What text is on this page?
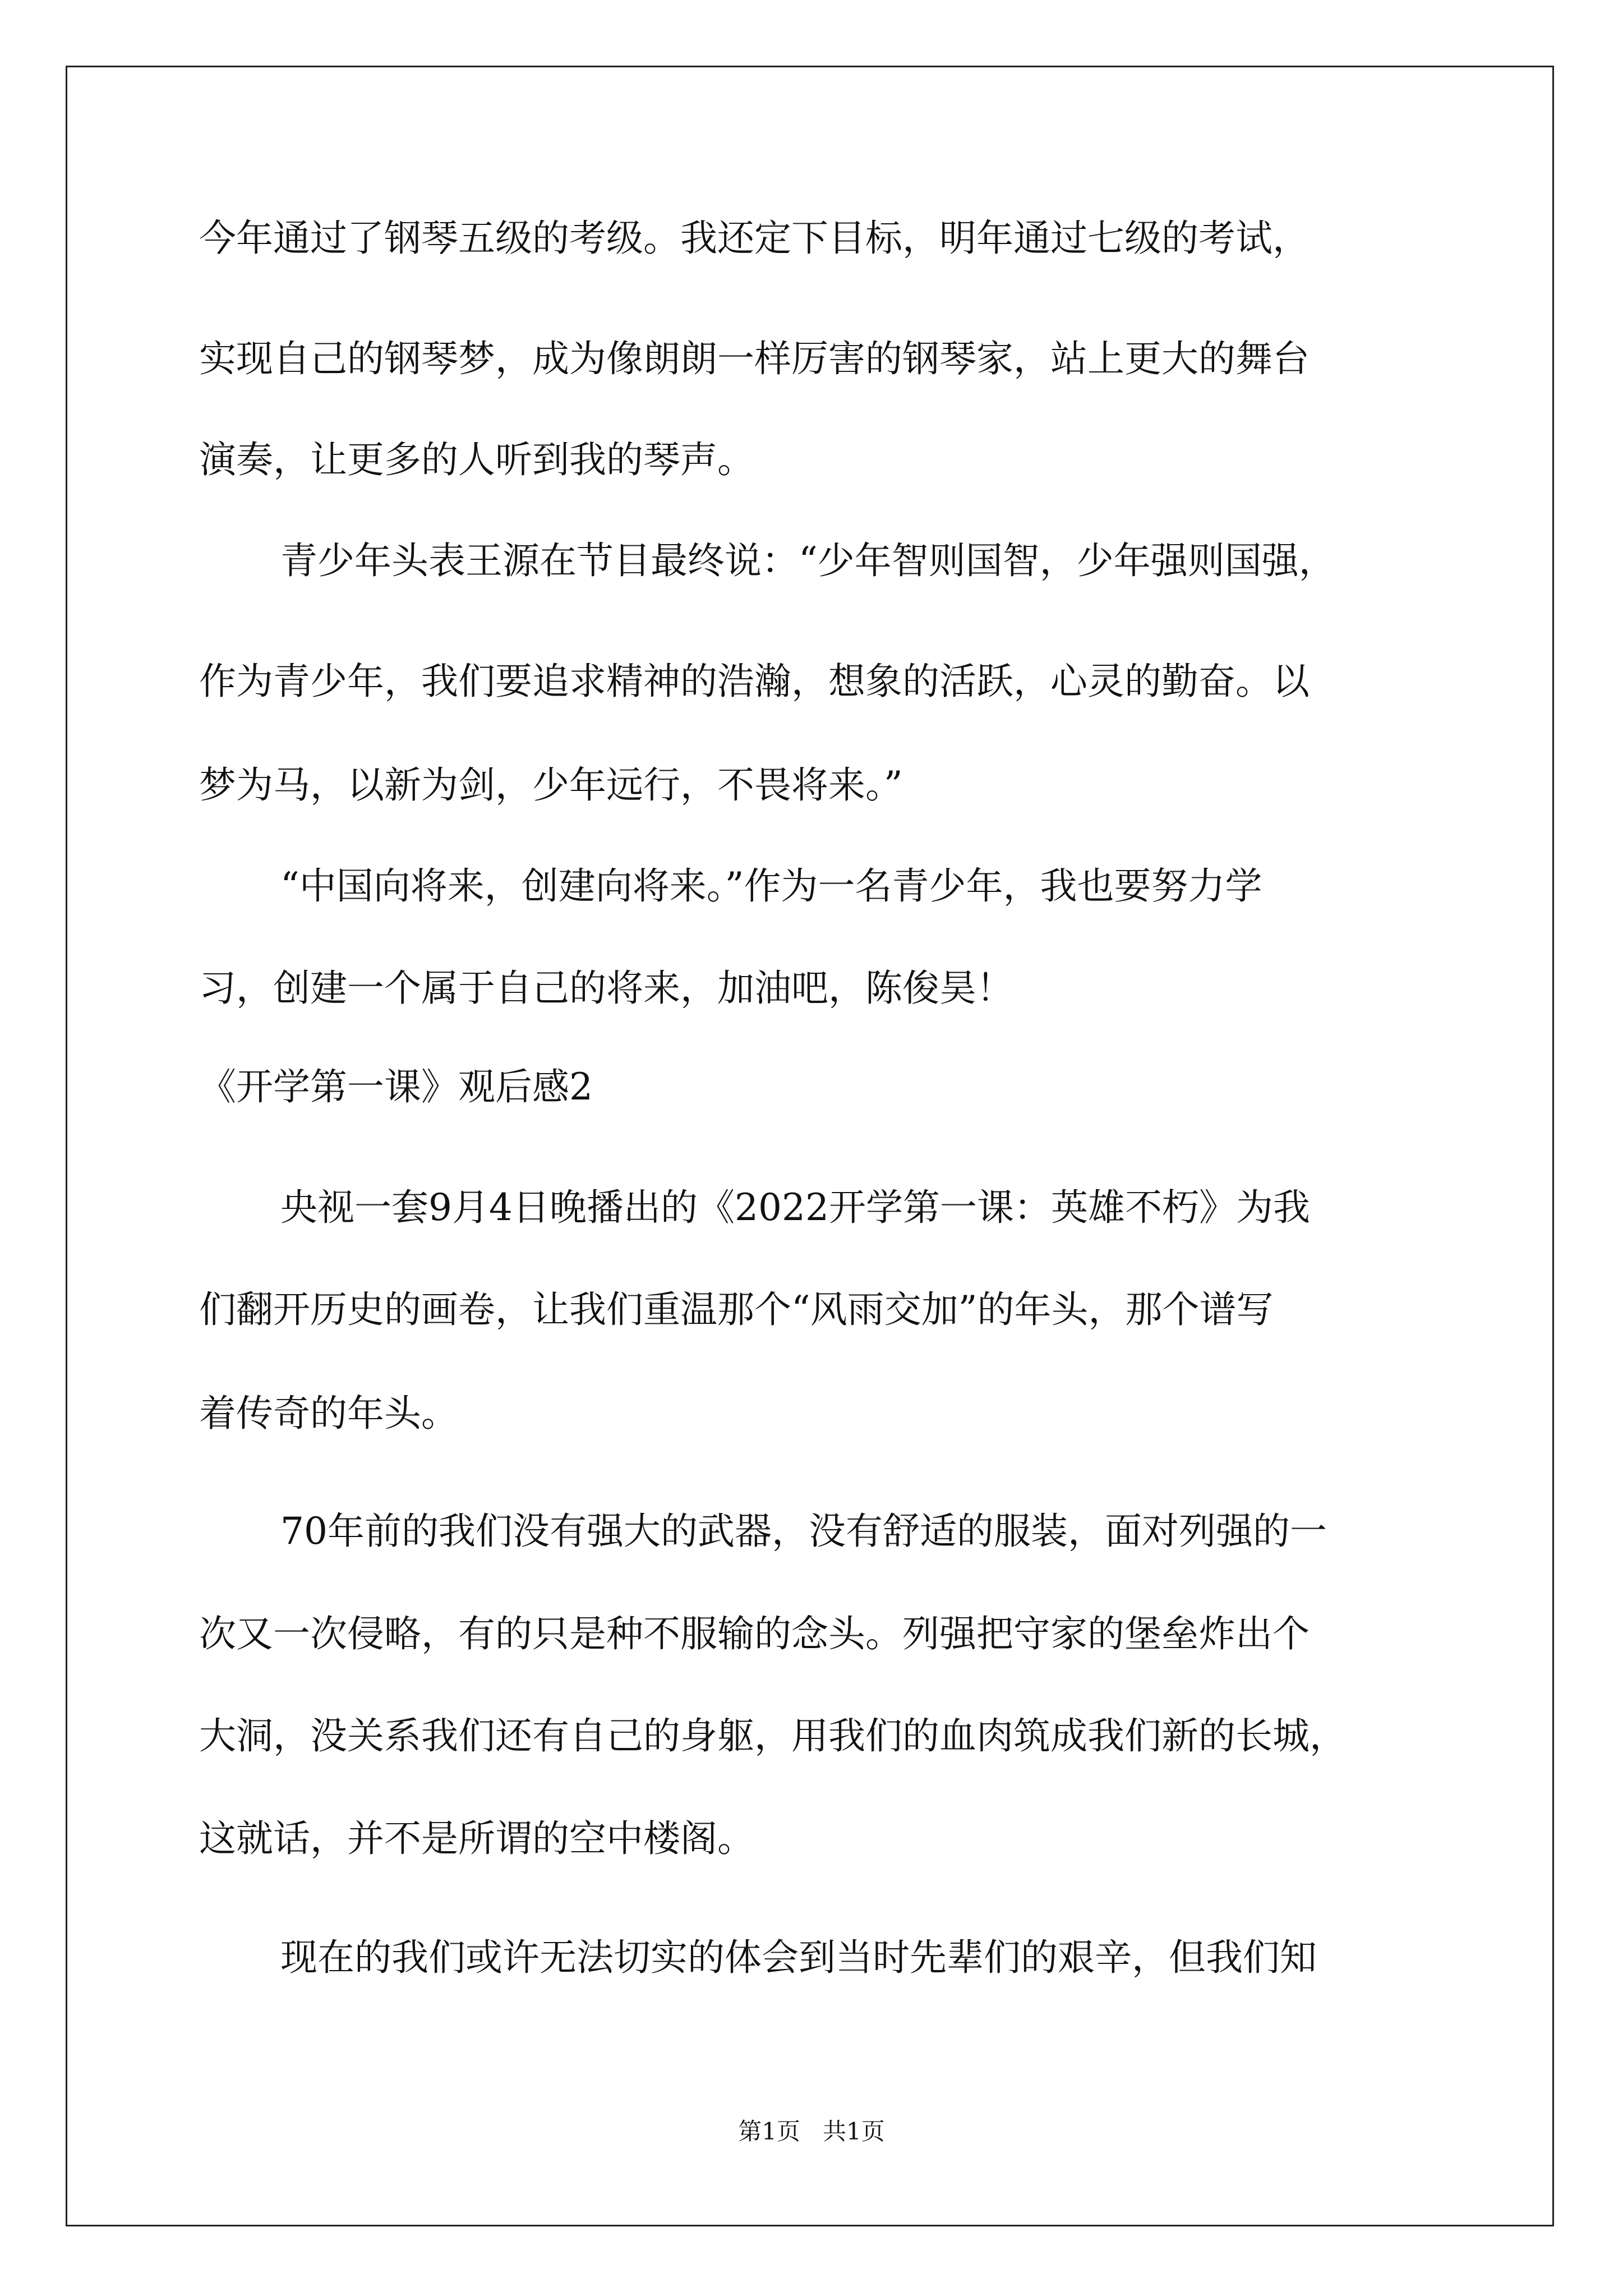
今年通过了钢琴五级的考级。我还定下目标，明年通过七级的考试，
实现自己的钢琴梦，成为像朗朗一样厉害的钢琴家，站上更大的舞台
演奏，让更多的人听到我的琴声。
青少年头表王源在节目最终说：“少年智则国智，少年强则国强，
作为青少年，我们要追求精神的浩瀚，想象的活跃，心灵的勤奋。以
梦为马，以新为剑，少年远行，不畏将来。”
“中国向将来，创建向将来。”作为一名青少年，我也要努力学
习，创建一个属于自己的将来，加油吧，陈俊昊！
《开学第一课》观后感2
央视一套9月4日晚播出的《2022开学第一课：英雄不朽》为我
们翻开历史的画卷，让我们重温那个“风雨交加”的年头，那个谱写
着传奇的年头。
70年前的我们没有强大的武器，没有舒适的服装，面对列强的一
次又一次侵略，有的只是种不服输的念头。列强把守家的堡垒炸出个
大洞，没关系我们还有自己的身躯，用我们的血肉筑成我们新的长城，
这就话，并不是所谓的空中楼阁。
现在的我们或许无法切实的体会到当时先辈们的艰辛，但我们知
第1页   共1页
